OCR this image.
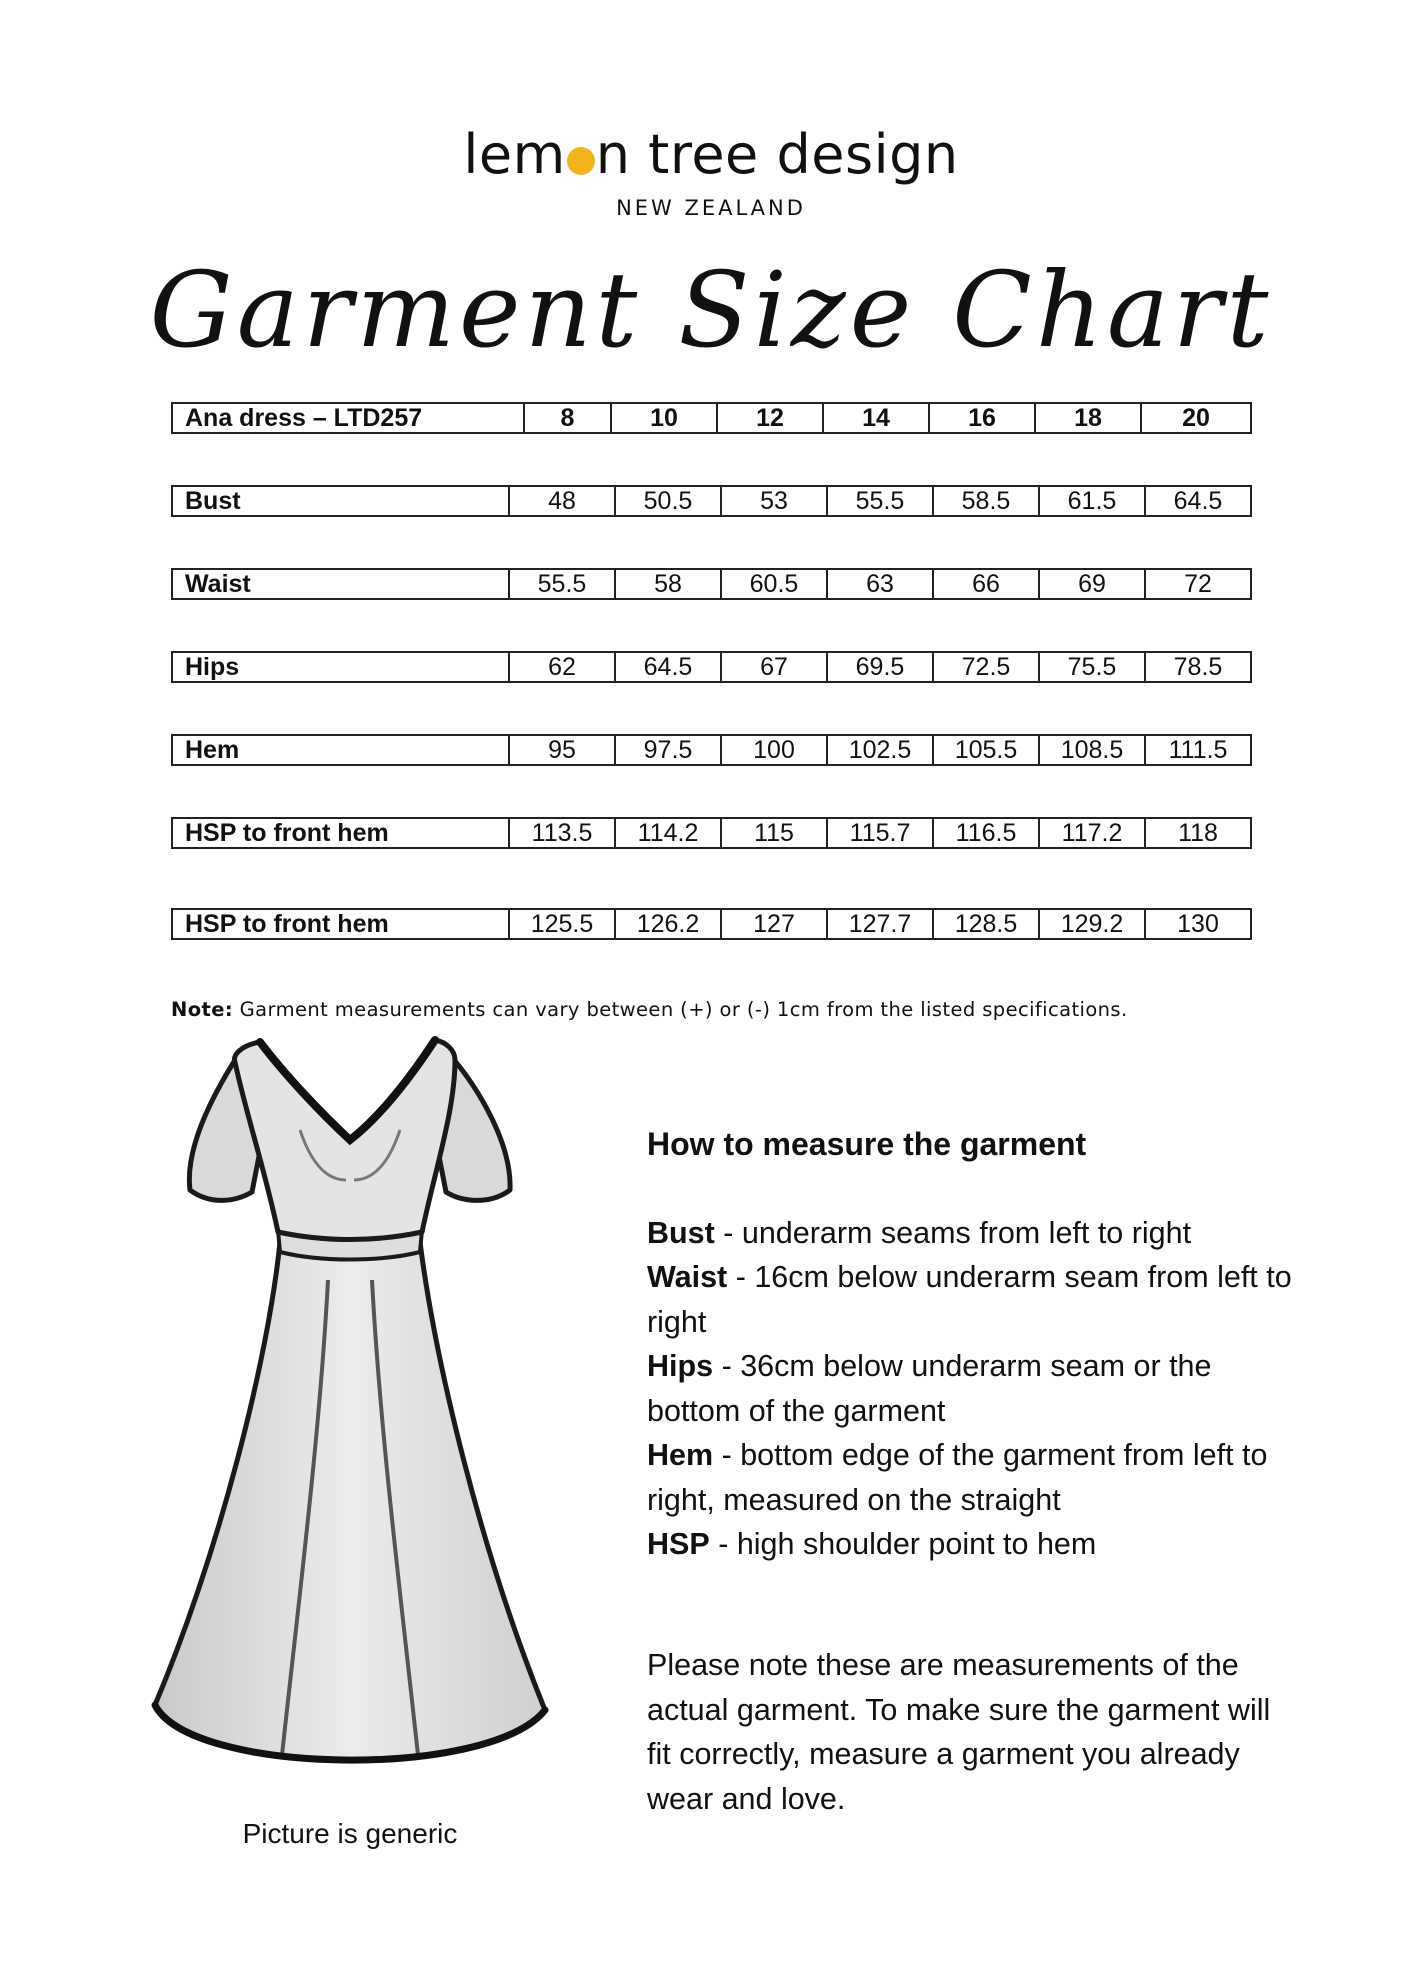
lem n tree design
NEW ZEALAND
Garment Size Chart
Ana dress – LTD257	8	10	12	14	16	18	20
Bust	48	50.5	53	55.5	58.5	61.5	64.5
Waist	55.5	58	60.5	63	66	69	72
Hips	62	64.5	67	69.5	72.5	75.5	78.5
Hem	95	97.5	100	102.5	105.5	108.5	111.5
HSP to front hem	113.5	114.2	115	115.7	116.5	117.2	118
HSP to front hem	125.5	126.2	127	127.7	128.5	129.2	130
Note: Garment measurements can vary between (+) or (-) 1cm from the listed specifications.
Picture is generic
How to measure the garment
Bust - underarm seams from left to right
Waist - 16cm below underarm seam from left to right
Hips - 36cm below underarm seam or the bottom of the garment
Hem - bottom edge of the garment from left to right, measured on the straight
HSP - high shoulder point to hem
Please note these are measurements of the actual garment. To make sure the garment will fit correctly, measure a garment you already wear and love.
